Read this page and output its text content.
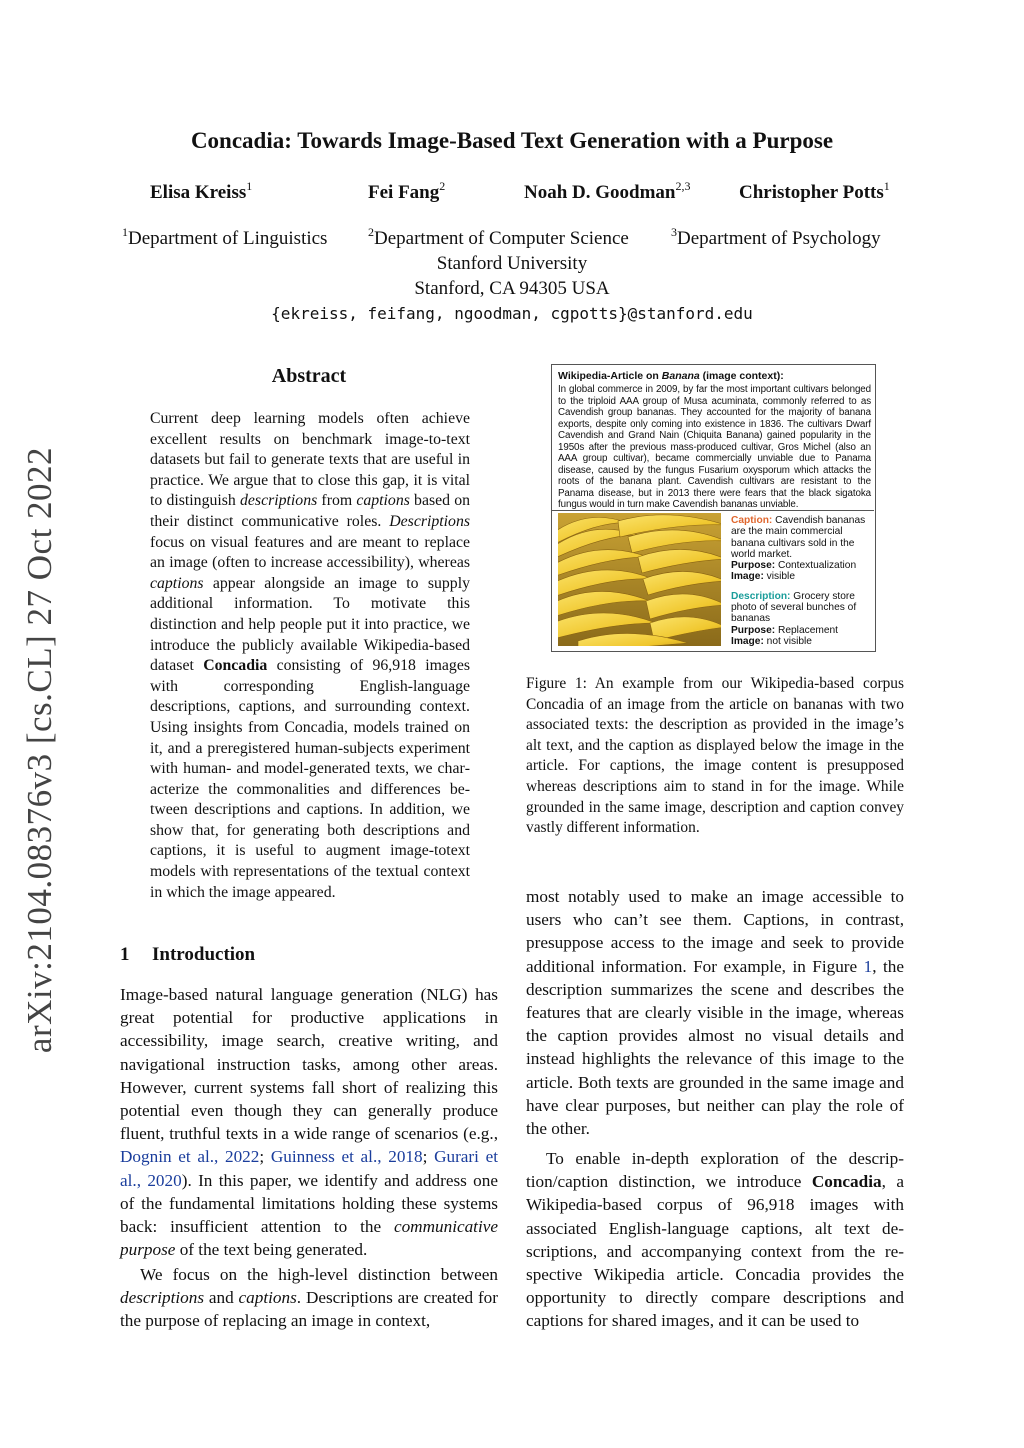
arXiv:2104.08376v3 [cs.CL] 27 Oct 2022
Concadia: Towards Image-Based Text Generation with a Purpose
Elisa Kreiss$^1$	Fei Fang$^2$	Noah D. Goodman$^{2,3}$	Christopher Potts$^1$
$^1$Department of Linguistics	$^2$Department of Computer Science	$^3$Department of Psychology
Stanford University
Stanford, CA 94305 USA
{ekreiss, feifang, ngoodman, cgpotts}@stanford.edu
Abstract
Current deep learning models often achieve excellent results on benchmark image-to-text datasets but fail to generate texts that are useful in practice. We argue that to close this gap, it is vital to distinguish descriptions from captions based on their distinct communicative roles. Descriptions focus on visual features and are meant to replace an image (often to increase accessibility), whereas captions appear alongside an image to supply additional information. To motivate this distinction and help people put it into practice, we introduce the publicly available Wikipedia-based dataset Concadia consisting of 96,918 images with corresponding English-language descriptions, captions, and surrounding context. Using insights from Concadia, models trained on it, and a preregistered human-subjects experiment with human- and model-generated texts, we characterize the commonalities and differences between descriptions and captions. In addition, we show that, for generating both descriptions and captions, it is useful to augment image-totext models with representations of the textual context in which the image appeared.
1 Introduction

Image-based natural language generation (NLG) has great potential for productive applications in accessibility, image search, creative writing, and navigational instruction tasks, among other areas. However, current systems fall short of realizing this potential even though they can generally produce fluent, truthful texts in a wide range of scenarios (e.g., Dognin et al., 2022; Guinness et al., 2018; Gurari et al., 2020). In this paper, we identify and address one of the fundamental limitations holding these systems back: insufficient attention to the communicative purpose of the text being generated.

We focus on the high-level distinction between descriptions and captions. Descriptions are created for the purpose of replacing an image in context,

Wikipedia-Article on Banana (image context):
In global commerce in 2009, by far the most important cultivars belonged to the triploid AAA group of Musa acuminata, commonly referred to as Cavendish group bananas. They accounted for the majority of banana exports, despite only coming into existence in 1836. The cultivars Dwarf Cavendish and Grand Nain (Chiquita Banana) gained popularity in the 1950s after the previous mass-produced cultivar, Gros Michel (also an AAA group cultivar), became commercially unviable due to Panama disease, caused by the fungus Fusarium oxysporum which attacks the roots of the banana plant. Cavendish cultivars are resistant to the Panama disease, but in 2013 there were fears that the black sigatoka fungus would in turn make Cavendish bananas unviable.
Caption: Cavendish bananas are the main commercial banana cultivars sold in the world market.
Purpose: Contextualization
Image: visible
Description: Grocery store photo of several bunches of bananas
Purpose: Replacement
Image: not visible
Figure 1: An example from our Wikipedia-based corpus Concadia of an image from the article on bananas with two associated texts: the description as provided in the image’s alt text, and the caption as displayed below the image in the article. For captions, the image content is presupposed whereas descriptions aim to stand in for the image. While grounded in the same image, description and caption convey vastly different information.

most notably used to make an image accessible to users who can’t see them. Captions, in contrast, presuppose access to the image and seek to provide additional information. For example, in Figure 1, the description summarizes the scene and describes the features that are clearly visible in the image, whereas the caption provides almost no visual details and instead highlights the relevance of this image to the article. Both texts are grounded in the same image and have clear purposes, but neither can play the role of the other.

To enable in-depth exploration of the description/caption distinction, we introduce Concadia, a Wikipedia-based corpus of 96,918 images with associated English-language captions, alt text descriptions, and accompanying context from the respective Wikipedia article. Concadia provides the opportunity to directly compare descriptions and captions for shared images, and it can be used to
